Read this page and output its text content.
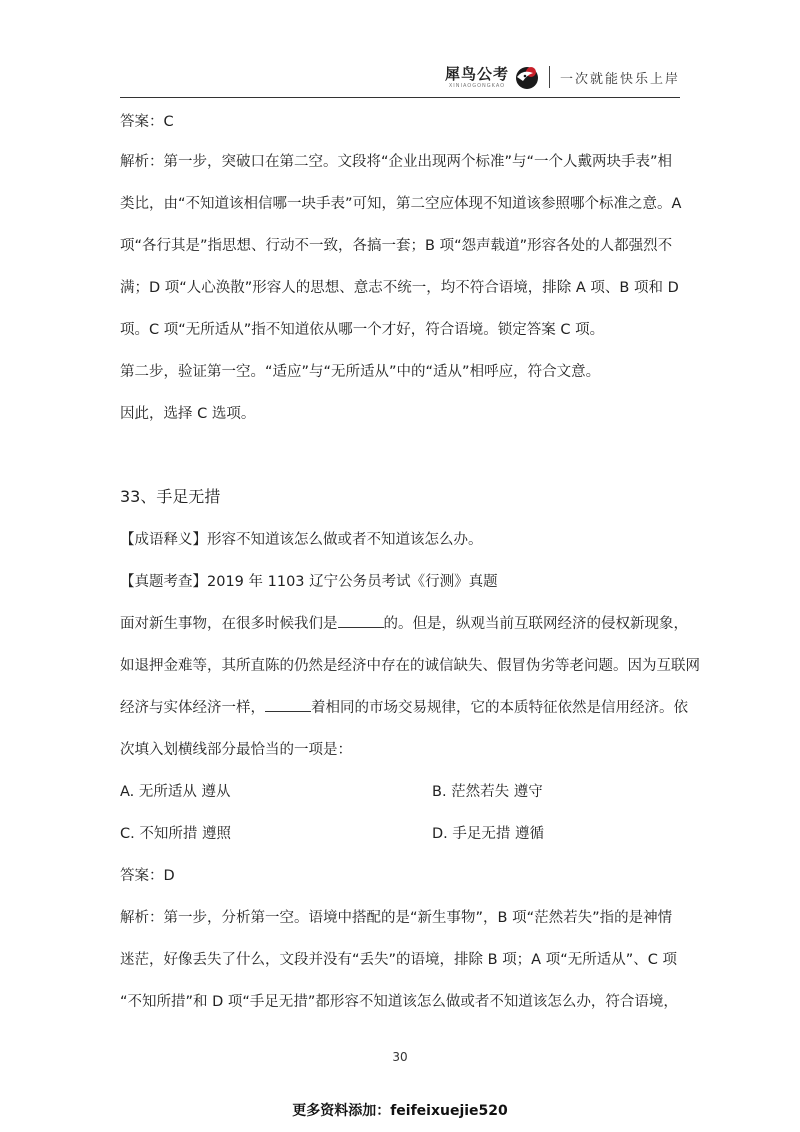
犀鸟公考
XINIAOGONGKAO	一次就能快乐上岸
答案：C
解析：第一步，突破口在第二空。文段将“企业出现两个标准”与“一个人戴两块手表”相
类比，由“不知道该相信哪一块手表”可知，第二空应体现不知道该参照哪个标准之意。A
项“各行其是”指思想、行动不一致，各搞一套；B 项“怨声载道”形容各处的人都强烈不
满；D 项“人心涣散”形容人的思想、意志不统一，均不符合语境，排除 A 项、B 项和 D
项。C 项“无所适从”指不知道依从哪一个才好，符合语境。锁定答案 C 项。
第二步，验证第一空。“适应”与“无所适从”中的“适从”相呼应，符合文意。
因此，选择 C 选项。
33、手足无措
【成语释义】形容不知道该怎么做或者不知道该怎么办。
【真题考查】2019 年 1103 辽宁公务员考试《行测》真题
面对新生事物，在很多时候我们是	的。但是，纵观当前互联网经济的侵权新现象，
如退押金难等，其所直陈的仍然是经济中存在的诚信缺失、假冒伪劣等老问题。因为互联网
经济与实体经济一样，	着相同的市场交易规律，它的本质特征依然是信用经济。依
次填入划横线部分最恰当的一项是：
A. 无所适从 遵从	B. 茫然若失 遵守
C. 不知所措 遵照	D. 手足无措 遵循
答案：D
解析：第一步，分析第一空。语境中搭配的是“新生事物”，B 项“茫然若失”指的是神情
迷茫，好像丢失了什么，文段并没有“丢失”的语境，排除 B 项；A 项“无所适从”、C 项
“不知所措”和 D 项“手足无措”都形容不知道该怎么做或者不知道该怎么办，符合语境，
30
更多资料添加：feifeixuejie520
